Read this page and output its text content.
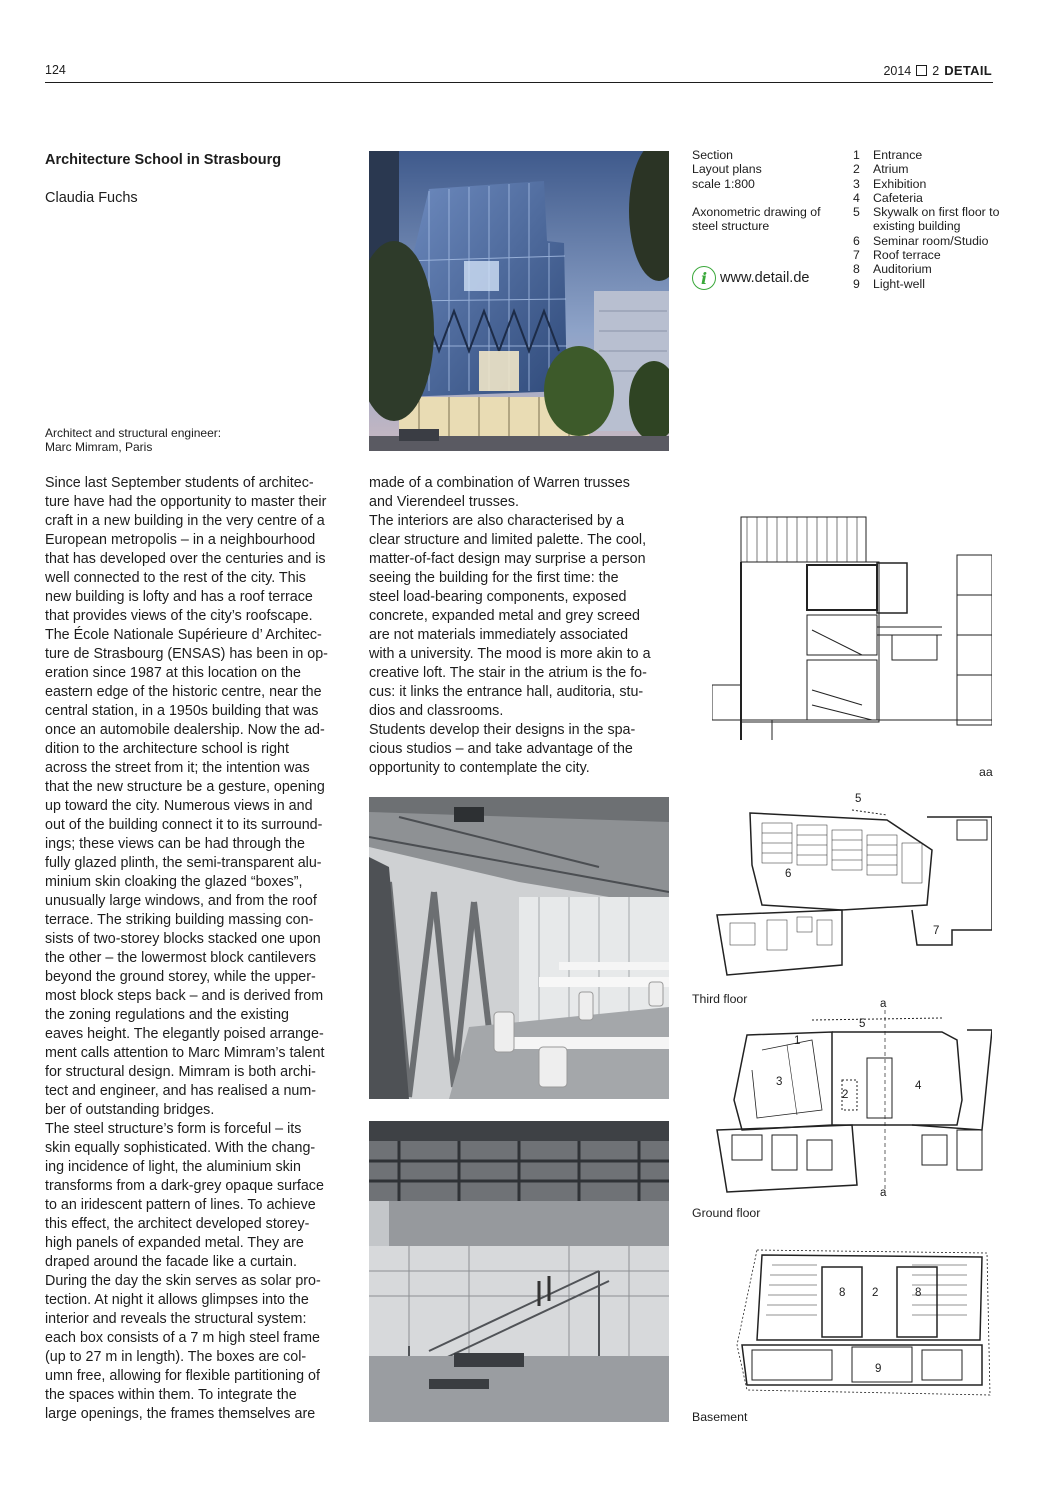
124	2014 2 DETAIL
Architecture School in Strasbourg
Claudia Fuchs
Architect and structural engineer:
Marc Mimram, Paris

Since last September students of architec-

ture have had the opportunity to master their

craft in a new building in the very centre of a

European metropolis – in a neighbourhood

that has developed over the centuries and is

well connected to the rest of the city. This

new building is lofty and has a roof terrace

that provides views of the city’s roofscape.

The École Nationale Supérieure d’ Architec-

ture de Strasbourg (ENSAS) has been in op-

eration since 1987 at this location on the

eastern edge of the historic centre, near the

central station, in a 1950s building that was

once an automobile dealership. Now the ad-

dition to the architecture school is right

across the street from it; the intention was

that the new structure be a gesture, opening

up toward the city. Numerous views in and

out of the building connect it to its surround-

ings; these views can be had through the

fully glazed plinth, the semi-transparent alu-

minium skin cloaking the glazed “boxes”,

unusually large windows, and from the roof

terrace. The striking building massing con-

sists of two-storey blocks stacked one upon

the other – the lowermost block cantilevers

beyond the ground storey, while the upper-

most block steps back – and is derived from

the zoning regulations and the existing

eaves height. The elegantly poised arrange-

ment calls attention to Marc Mimram’s talent

for structural design. Mimram is both archi-

tect and engineer, and has realised a num-

ber of outstanding bridges.

The steel structure’s form is forceful – its

skin equally sophisticated. With the chang-

ing incidence of light, the aluminium skin

transforms from a dark-grey opaque surface

to an iridescent pattern of lines. To achieve

this effect, the architect developed storey-

high panels of expanded metal. They are

draped around the facade like a curtain.

During the day the skin serves as solar pro-

tection. At night it allows glimpses into the

interior and reveals the structural system:

each box consists of a 7 m high steel frame

(up to 27 m in length). The boxes are col-

umn free, allowing for flexible partitioning of

the spaces within them. To integrate the

large openings, the frames themselves are

made of a combination of Warren trusses

and Vierendeel trusses.

The interiors are also characterised by a

clear structure and limited palette. The cool,

matter-of-fact design may surprise a person

seeing the building for the first time: the

steel load-bearing components, exposed

concrete, expanded metal and grey screed

are not materials immediately associated

with a university. The mood is more akin to a

creative loft. The stair in the atrium is the fo-

cus: it links the entrance hall, auditoria, stu-

dios and classrooms.

Students develop their designs in the spa-

cious studios – and take advantage of the

opportunity to contemplate the city.

Section
Layout plans
scale 1:800
Axonometric drawing of
steel structure
i www.detail.de
1	Entrance
2	Atrium
3	Exhibition
4	Cafeteria
5	Skywalk on first floor to existing building
6	Seminar room/Studio
7	Roof terrace
8	Auditorium
9	Light-well
aa
6
7
5
Third floor	a
a
5
1
3
2
4
Ground floor
8 2	8
9
Basement
